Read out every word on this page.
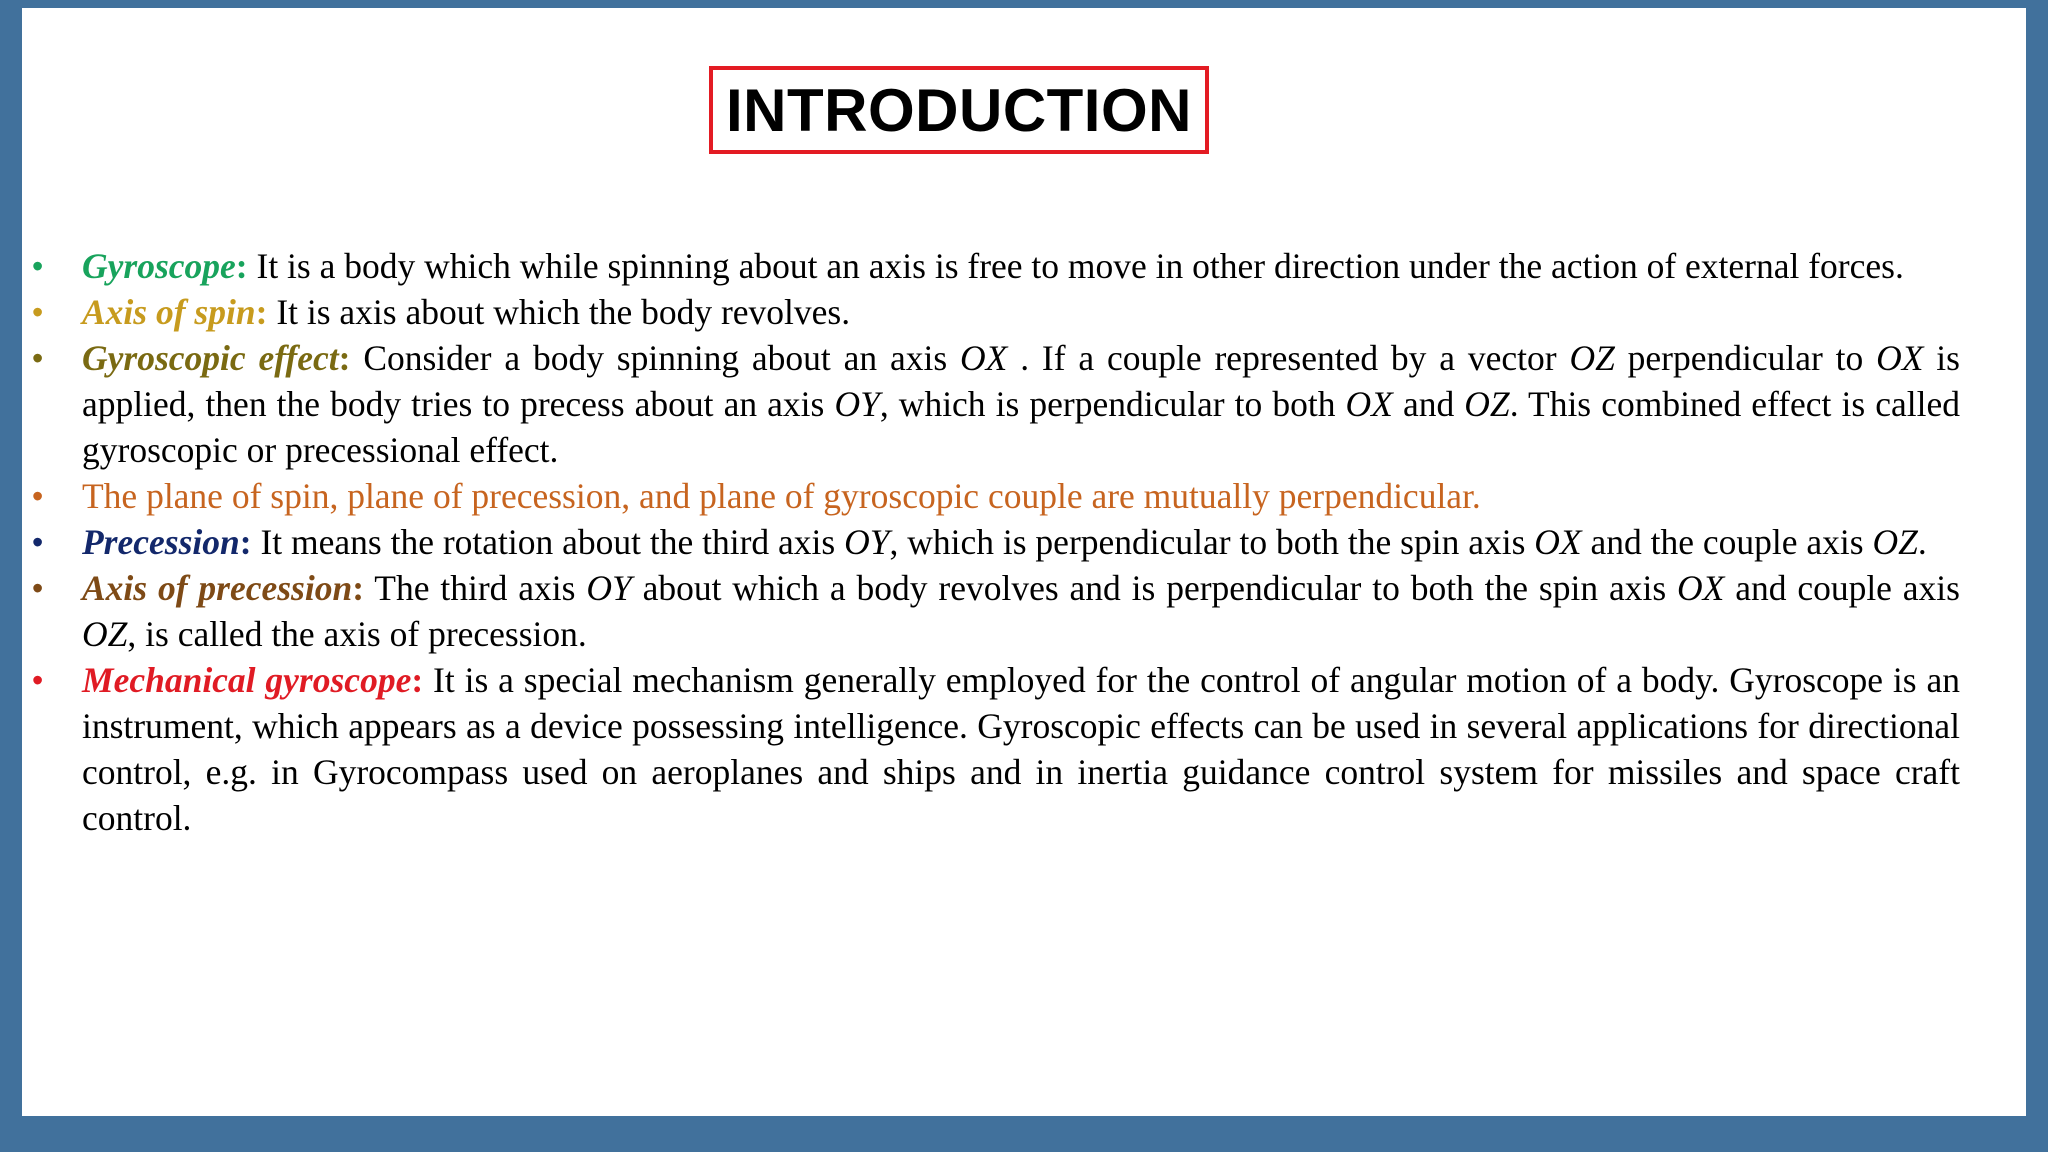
INTRODUCTION
• Gyroscope: It is a body which while spinning about an axis is free to move in other direction under the action of external forces.
• Axis of spin: It is axis about which the body revolves.
• Gyroscopic effect: Consider a body spinning about an axis OX . If a couple represented by a vector OZ perpendicular to OX is applied, then the body tries to precess about an axis OY, which is perpendicular to both OX and OZ. This combined effect is called gyroscopic or precessional effect.
• The plane of spin, plane of precession, and plane of gyroscopic couple are mutually perpendicular.
• Precession: It means the rotation about the third axis OY, which is perpendicular to both the spin axis OX and the couple axis OZ.
• Axis of precession: The third axis OY about which a body revolves and is perpendicular to both the spin axis OX and couple axis OZ, is called the axis of precession.
• Mechanical gyroscope: It is a special mechanism generally employed for the control of angular motion of a body. Gyroscope is an instrument, which appears as a device possessing intelligence. Gyroscopic effects can be used in several applications for directional control, e.g. in Gyrocompass used on aeroplanes and ships and in inertia guidance control system for missiles and space craft control.
